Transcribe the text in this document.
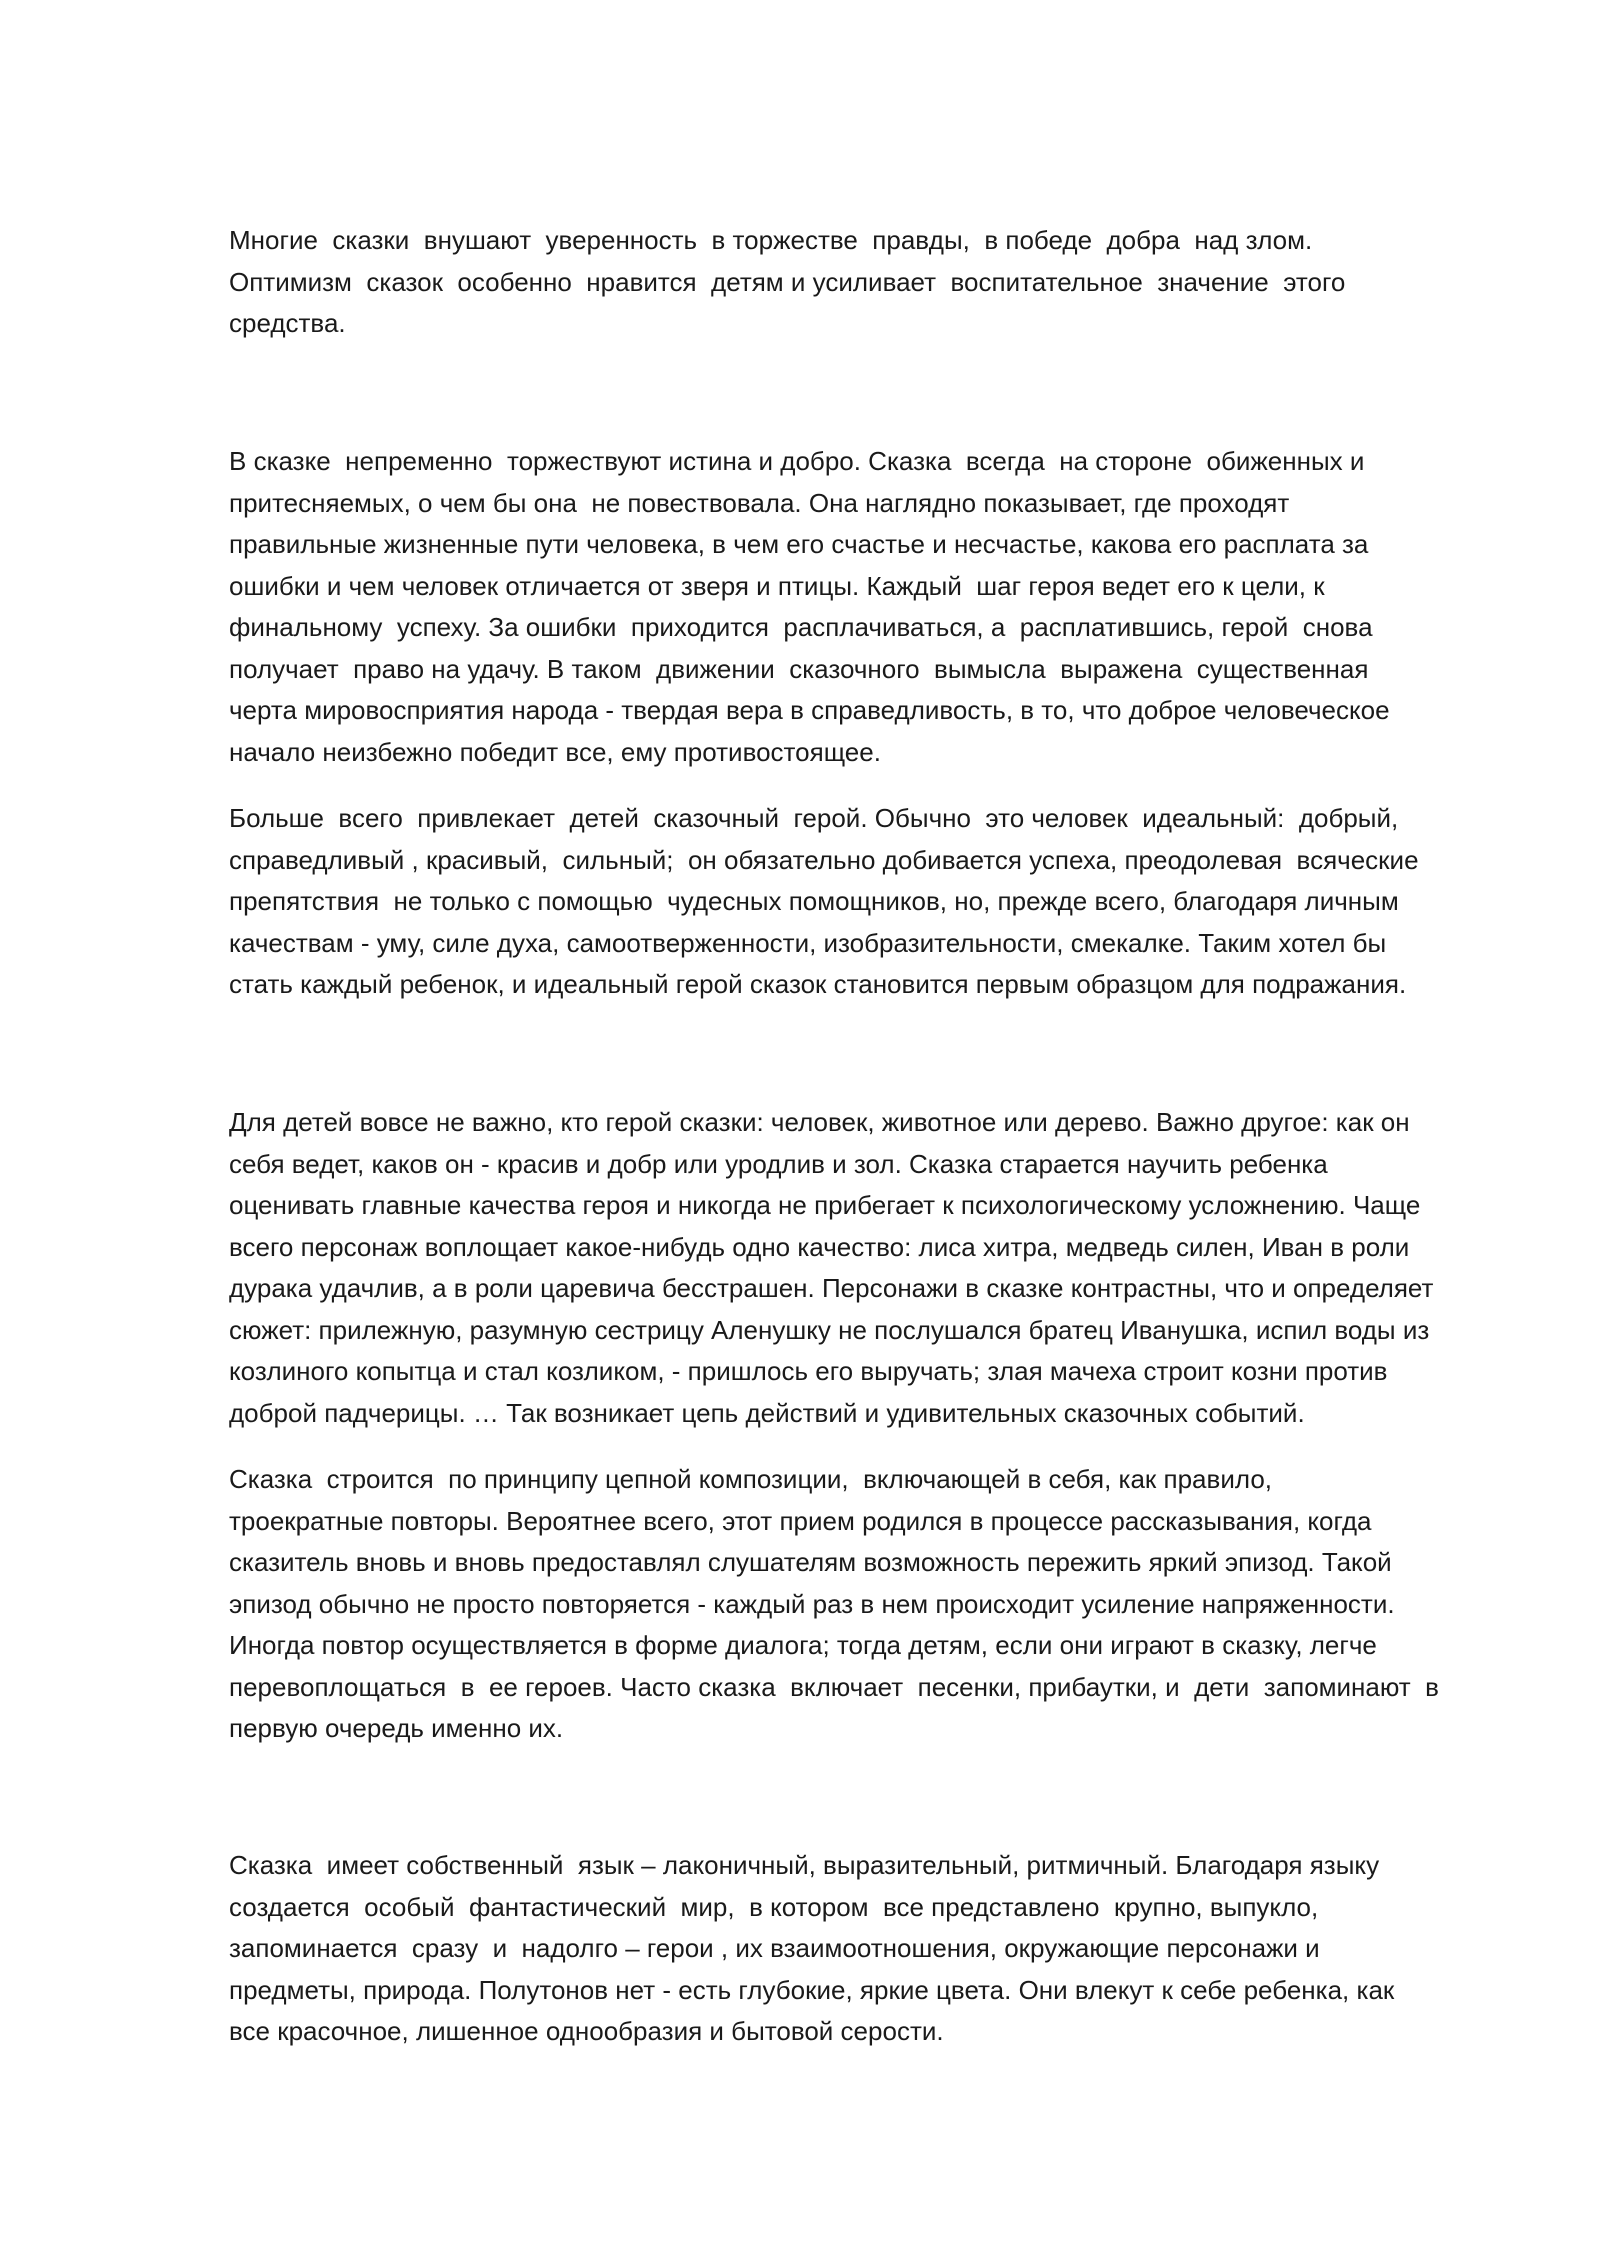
Многие  сказки  внушают  уверенность  в торжестве  правды,  в победе  добра  над злом.
Оптимизм  сказок  особенно  нравится  детям и усиливает  воспитательное  значение  этого
средства.

В сказке  непременно  торжествуют истина и добро. Сказка  всегда  на стороне  обиженных и
притесняемых, о чем бы она  не повествовала. Она наглядно показывает, где проходят
правильные жизненные пути человека, в чем его счастье и несчастье, какова его расплата за
ошибки и чем человек отличается от зверя и птицы. Каждый  шаг героя ведет его к цели, к
финальному  успеху. За ошибки  приходится  расплачиваться, а  расплатившись, герой  снова
получает  право на удачу. В таком  движении  сказочного  вымысла  выражена  существенная
черта мировосприятия народа - твердая вера в справедливость, в то, что доброе человеческое
начало неизбежно победит все, ему противостоящее.

Больше  всего  привлекает  детей  сказочный  герой. Обычно  это человек  идеальный:  добрый,
справедливый , красивый,  сильный;  он обязательно добивается успеха, преодолевая  всяческие
препятствия  не только с помощью  чудесных помощников, но, прежде всего, благодаря личным
качествам - уму, силе духа, самоотверженности, изобразительности, смекалке. Таким хотел бы
стать каждый ребенок, и идеальный герой сказок становится первым образцом для подражания.

Для детей вовсе не важно, кто герой сказки: человек, животное или дерево. Важно другое: как он
себя ведет, каков он - красив и добр или уродлив и зол. Сказка старается научить ребенка
оценивать главные качества героя и никогда не прибегает к психологическому усложнению. Чаще
всего персонаж воплощает какое-нибудь одно качество: лиса хитра, медведь силен, Иван в роли
дурака удачлив, а в роли царевича бесстрашен. Персонажи в сказке контрастны, что и определяет
сюжет: прилежную, разумную сестрицу Аленушку не послушался братец Иванушка, испил воды из
козлиного копытца и стал козликом, - пришлось его выручать; злая мачеха строит козни против
доброй падчерицы. … Так возникает цепь действий и удивительных сказочных событий.

Сказка  строится  по принципу цепной композиции,  включающей в себя, как правило,
троекратные повторы. Вероятнее всего, этот прием родился в процессе рассказывания, когда
сказитель вновь и вновь предоставлял слушателям возможность пережить яркий эпизод. Такой
эпизод обычно не просто повторяется - каждый раз в нем происходит усиление напряженности.
Иногда повтор осуществляется в форме диалога; тогда детям, если они играют в сказку, легче
перевоплощаться  в  ее героев. Часто сказка  включает  песенки, прибаутки, и  дети  запоминают  в
первую очередь именно их.

Сказка  имеет собственный  язык – лаконичный, выразительный, ритмичный. Благодаря языку
создается  особый  фантастический  мир,  в котором  все представлено  крупно, выпукло,
запоминается  сразу  и  надолго – герои , их взаимоотношения, окружающие персонажи и
предметы, природа. Полутонов нет - есть глубокие, яркие цвета. Они влекут к себе ребенка, как
все красочное, лишенное однообразия и бытовой серости.
